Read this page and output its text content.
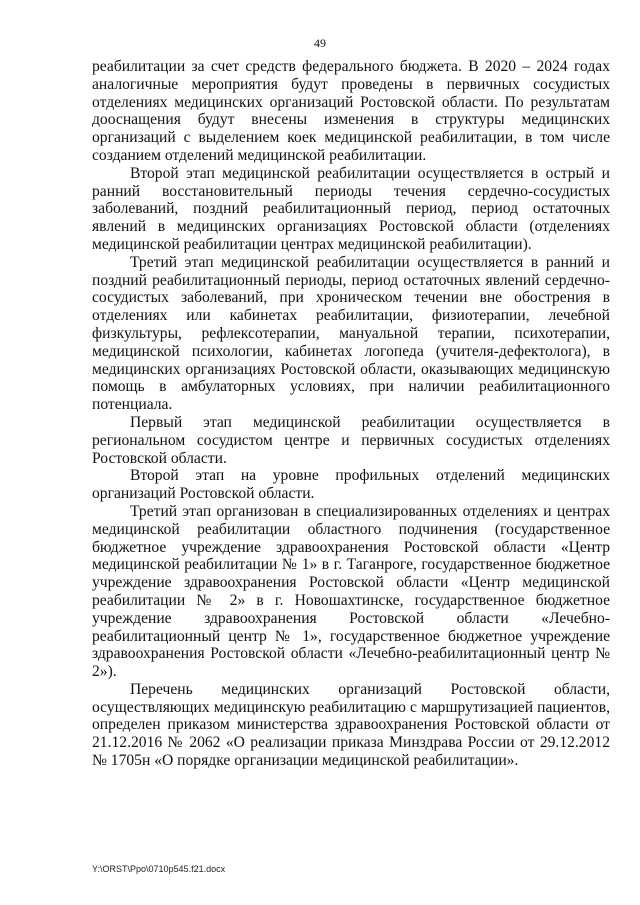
49

реабилитации за счет средств федерального бюджета. В 2020 – 2024 годах аналогичные мероприятия будут проведены в первичных сосудистых отделениях медицинских организаций Ростовской области. По результатам дооснащения будут внесены изменения в структуры медицинских организаций с выделением коек медицинской реабилитации, в том числе созданием отделений медицинской реабилитации.

Второй этап медицинской реабилитации осуществляется в острый и ранний восстановительный периоды течения сердечно-сосудистых заболеваний, поздний реабилитационный период, период остаточных явлений в медицинских организациях Ростовской области (отделениях медицинской реабилитации центрах медицинской реабилитации).

Третий этап медицинской реабилитации осуществляется в ранний и поздний реабилитационный периоды, период остаточных явлений сердечно-сосудистых заболеваний, при хроническом течении вне обострения в отделениях или кабинетах реабилитации, физиотерапии, лечебной физкультуры, рефлексотерапии, мануальной терапии, психотерапии, медицинской психологии, кабинетах логопеда (учителя-дефектолога), в медицинских организациях Ростовской области, оказывающих медицинскую помощь в амбулаторных условиях, при наличии реабилитационного потенциала.

Первый этап медицинской реабилитации осуществляется в региональном сосудистом центре и первичных сосудистых отделениях Ростовской области.

Второй этап на уровне профильных отделений медицинских организаций Ростовской области.

Третий этап организован в специализированных отделениях и центрах медицинской реабилитации областного подчинения (государственное бюджетное учреждение здравоохранения Ростовской области «Центр медицинской реабилитации № 1» в г. Таганроге, государственное бюджетное учреждение здравоохранения Ростовской области «Центр медицинской реабилитации № 2» в г. Новошахтинске, государственное бюджетное учреждение здравоохранения Ростовской области «Лечебно-реабилитационный центр № 1», государственное бюджетное учреждение здравоохранения Ростовской области «Лечебно-реабилитационный центр № 2»).

Перечень медицинских организаций Ростовской области, осуществляющих медицинскую реабилитацию с маршрутизацией пациентов, определен приказом министерства здравоохранения Ростовской области от 21.12.2016 № 2062 «О реализации приказа Минздрава России от 29.12.2012 № 1705н «О порядке организации медицинской реабилитации».

Y:\ORST\Ppo\0710p545.f21.docx
